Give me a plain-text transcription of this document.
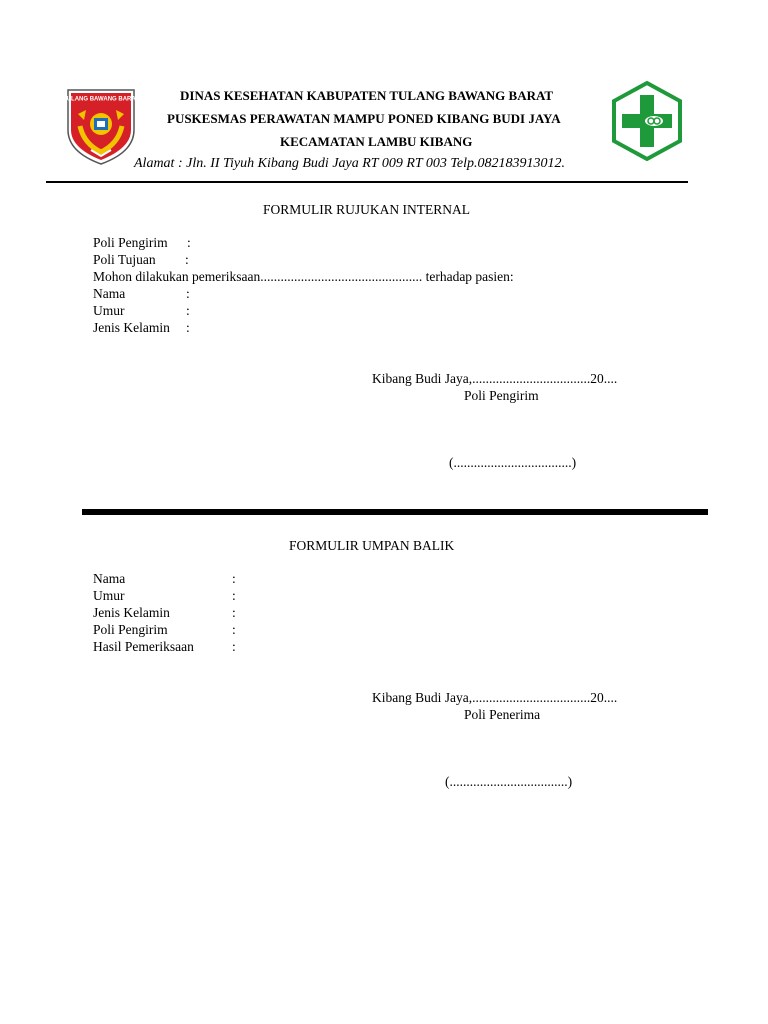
TULANG BAWANG BARAT	DINAS KESEHATAN KABUPATEN TULANG BAWANG BARAT
PUSKESMAS PERAWATAN MAMPU PONED KIBANG BUDI JAYA
KECAMATAN LAMBU KIBANG
Alamat : Jln. II Tiyuh Kibang Budi Jaya RT 009 RT 003 Telp.082183913012.
FORMULIR RUJUKAN INTERNAL
Poli Pengirim :
Poli Tujuan :
Mohon dilakukan pemeriksaan................................................ terhadap pasien:
Nama	:
Umur	:
Jenis Kelamin :
Kibang Budi Jaya,...................................20....
Poli Pengirim
(...................................)
FORMULIR UMPAN BALIK
Nama	:
Umur	:
Jenis Kelamin	:
Poli Pengirim	:
Hasil Pemeriksaan	:
Kibang Budi Jaya,...................................20....
Poli Penerima
(...................................)
